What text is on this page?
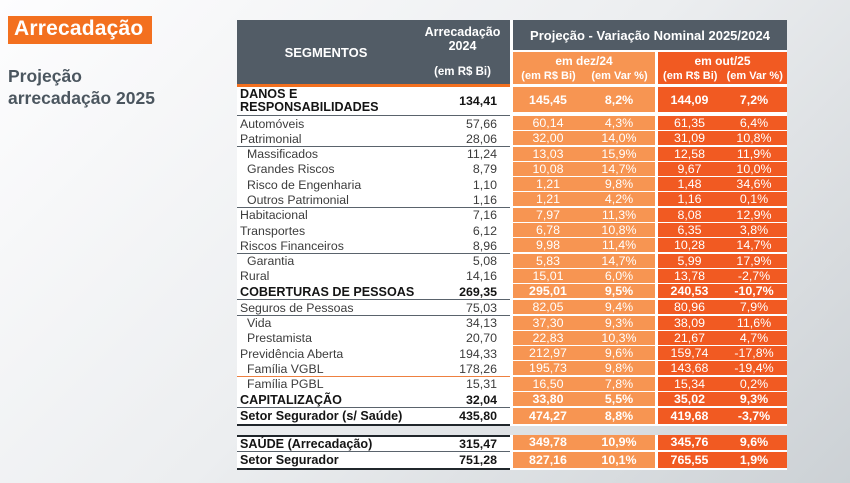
Arrecadação
Projeção
arrecadação 2025
SEGMENTOS
Arrecadação 2024
(em R$ Bi)
Projeção - Variação Nominal 2025/2024
em dez/24
(em R$ Bi)	(em Var %)
em out/25
(em R$ Bi) (em Var %)
DANOS E RESPONSABILIDADES	134,41	145,45	8,2%	144,09	7,2%
Automóveis	57,66	60,14	4,3%	61,35	6,4%
Patrimonial	28,06	32,00	14,0%	31,09	10,8%
Massificados	11,24	13,03	15,9%	12,58	11,9%
Grandes Riscos	8,79	10,08	14,7%	9,67	10,0%
Risco de Engenharia	1,10	1,21	9,8%	1,48	34,6%
Outros Patrimonial	1,16	1,21	4,2%	1,16	0,1%
Habitacional	7,16	7,97	11,3%	8,08	12,9%
Transportes	6,12	6,78	10,8%	6,35	3,8%
Riscos Financeiros	8,96	9,98	11,4%	10,28	14,7%
Garantia	5,08	5,83	14,7%	5,99	17,9%
Rural	14,16	15,01	6,0%	13,78	-2,7%
COBERTURAS DE PESSOAS	269,35	295,01	9,5%	240,53	-10,7%
Seguros de Pessoas	75,03	82,05	9,4%	80,96	7,9%
Vida	34,13	37,30	9,3%	38,09	11,6%
Prestamista	20,70	22,83	10,3%	21,67	4,7%
Previdência Aberta	194,33	212,97	9,6%	159,74	-17,8%
Família VGBL	178,26	195,73	9,8%	143,68	-19,4%
Família PGBL	15,31	16,50	7,8%	15,34	0,2%
CAPITALIZAÇÃO	32,04	33,80	5,5%	35,02	9,3%
Setor Segurador (s/ Saúde)	435,80	474,27	8,8%	419,68	-3,7%
SAÚDE (Arrecadação)	315,47	349,78	10,9%	345,76	9,6%
Setor Segurador	751,28	827,16	10,1%	765,55	1,9%
